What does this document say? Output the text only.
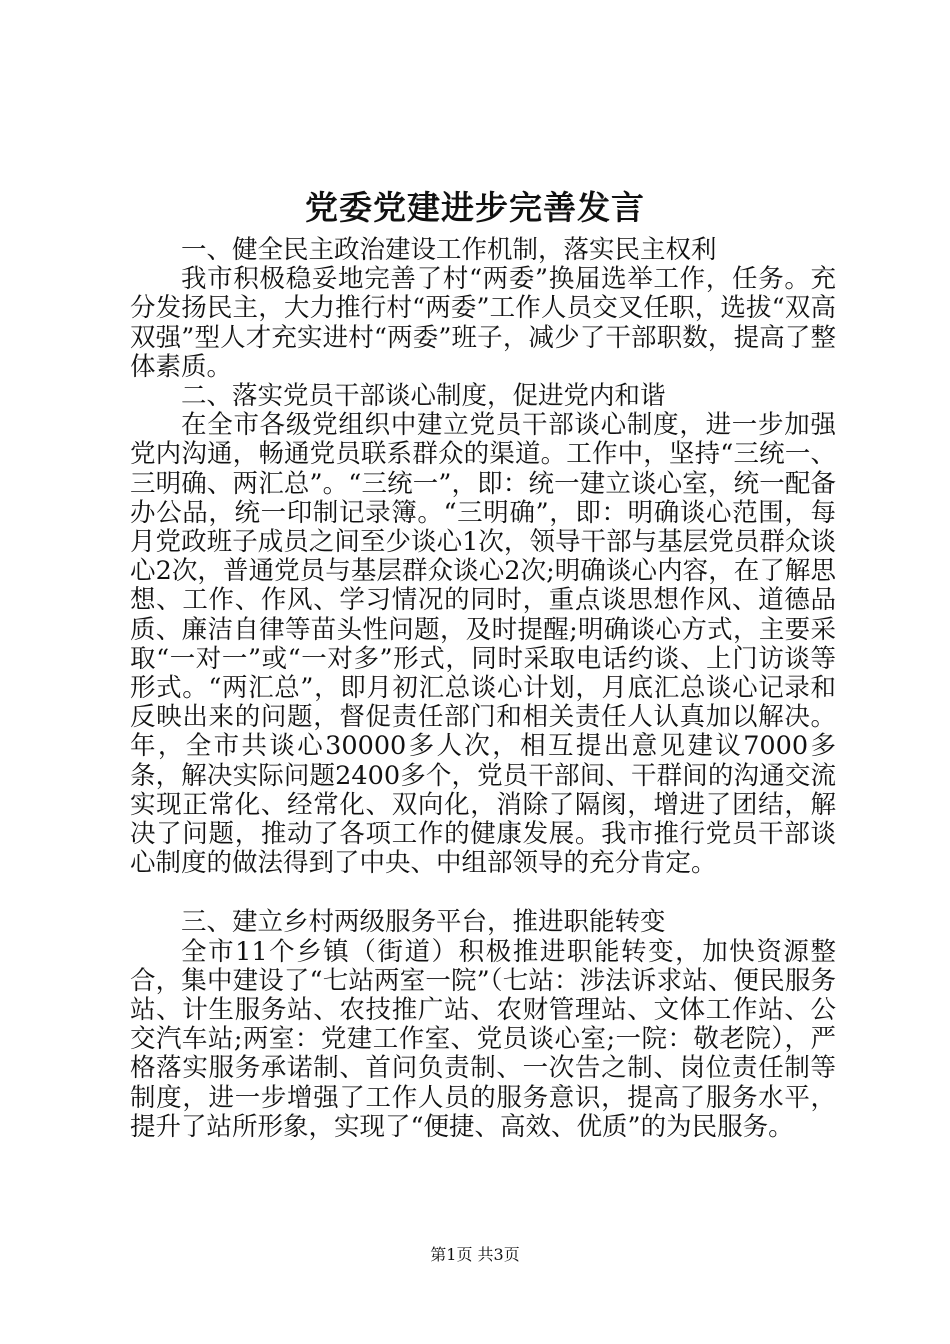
党委党建进步完善发言

一、健全民主政治建设工作机制，落实民主权利

我市积极稳妥地完善了村“两委”换届选举工作，任务。充分发扬民主，大力推行村“两委”工作人员交叉任职，选拔“双高双强”型人才充实进村“两委”班子，减少了干部职数，提高了整体素质。

二、落实党员干部谈心制度，促进党内和谐

在全市各级党组织中建立党员干部谈心制度，进一步加强党内沟通，畅通党员联系群众的渠道。工作中，坚持“三统一、三明确、两汇总”。“三统一”，即：统一建立谈心室，统一配备办公品，统一印制记录簿。“三明确”，即：明确谈心范围，每月党政班子成员之间至少谈心1次，领导干部与基层党员群众谈心2次，普通党员与基层群众谈心2次;明确谈心内容，在了解思想、工作、作风、学习情况的同时，重点谈思想作风、道德品质、廉洁自律等苗头性问题，及时提醒;明确谈心方式，主要采取“一对一”或“一对多”形式，同时采取电话约谈、上门访谈等形式。“两汇总”，即月初汇总谈心计划，月底汇总谈心记录和反映出来的问题，督促责任部门和相关责任人认真加以解决。年，全市共谈心30000多人次，相互提出意见建议7000多条，解决实际问题2400多个，党员干部间、干群间的沟通交流实现正常化、经常化、双向化，消除了隔阂，增进了团结，解决了问题，推动了各项工作的健康发展。我市推行党员干部谈心制度的做法得到了中央、中组部领导的充分肯定。

三、建立乡村两级服务平台，推进职能转变

全市11个乡镇（街道）积极推进职能转变，加快资源整合，集中建设了“七站两室一院”（七站：涉法诉求站、便民服务站、计生服务站、农技推广站、农财管理站、文体工作站、公交汽车站;两室：党建工作室、党员谈心室;一院：敬老院），严格落实服务承诺制、首问负责制、一次告之制、岗位责任制等制度，进一步增强了工作人员的服务意识，提高了服务水平，提升了站所形象，实现了“便捷、高效、优质”的为民服务。

第1页 共3页
